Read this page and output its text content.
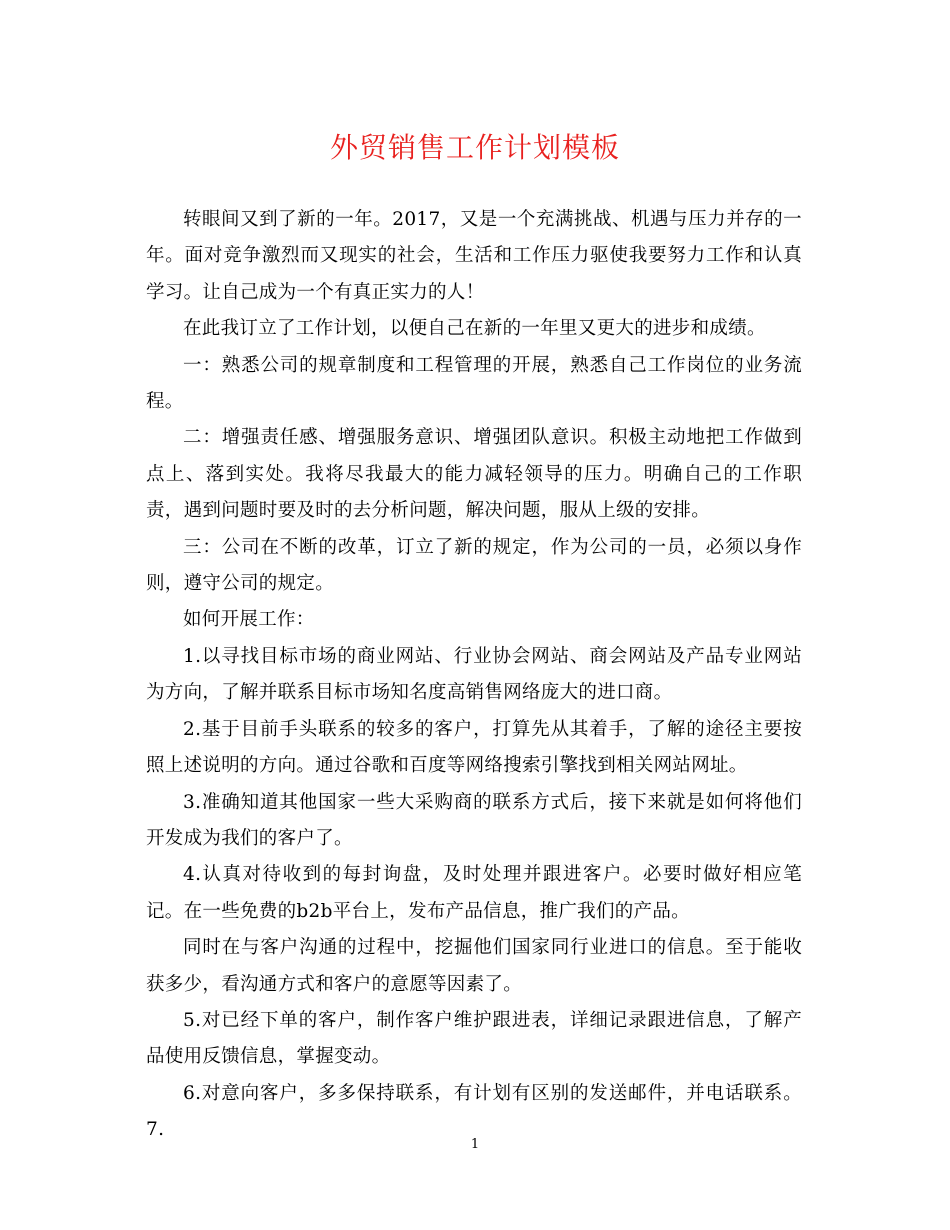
外贸销售工作计划模板

转眼间又到了新的一年。2017，又是一个充满挑战、机遇与压力并存的一年。面对竞争激烈而又现实的社会，生活和工作压力驱使我要努力工作和认真学习。让自己成为一个有真正实力的人！

在此我订立了工作计划，以便自己在新的一年里又更大的进步和成绩。

一：熟悉公司的规章制度和工程管理的开展，熟悉自己工作岗位的业务流程。

二：增强责任感、增强服务意识、增强团队意识。积极主动地把工作做到点上、落到实处。我将尽我最大的能力减轻领导的压力。明确自己的工作职责，遇到问题时要及时的去分析问题，解决问题，服从上级的安排。

三：公司在不断的改革，订立了新的规定，作为公司的一员，必须以身作则，遵守公司的规定。

如何开展工作：

1.以寻找目标市场的商业网站、行业协会网站、商会网站及产品专业网站为方向，了解并联系目标市场知名度高销售网络庞大的进口商。

2.基于目前手头联系的较多的客户，打算先从其着手，了解的途径主要按照上述说明的方向。通过谷歌和百度等网络搜索引擎找到相关网站网址。

3.准确知道其他国家一些大采购商的联系方式后，接下来就是如何将他们开发成为我们的客户了。

4.认真对待收到的每封询盘，及时处理并跟进客户。必要时做好相应笔记。在一些免费的b2b平台上，发布产品信息，推广我们的产品。

同时在与客户沟通的过程中，挖掘他们国家同行业进口的信息。至于能收获多少，看沟通方式和客户的意愿等因素了。

5.对已经下单的客户，制作客户维护跟进表，详细记录跟进信息，了解产品使用反馈信息，掌握变动。

6.对意向客户，多多保持联系，有计划有区别的发送邮件，并电话联系。7.

1
